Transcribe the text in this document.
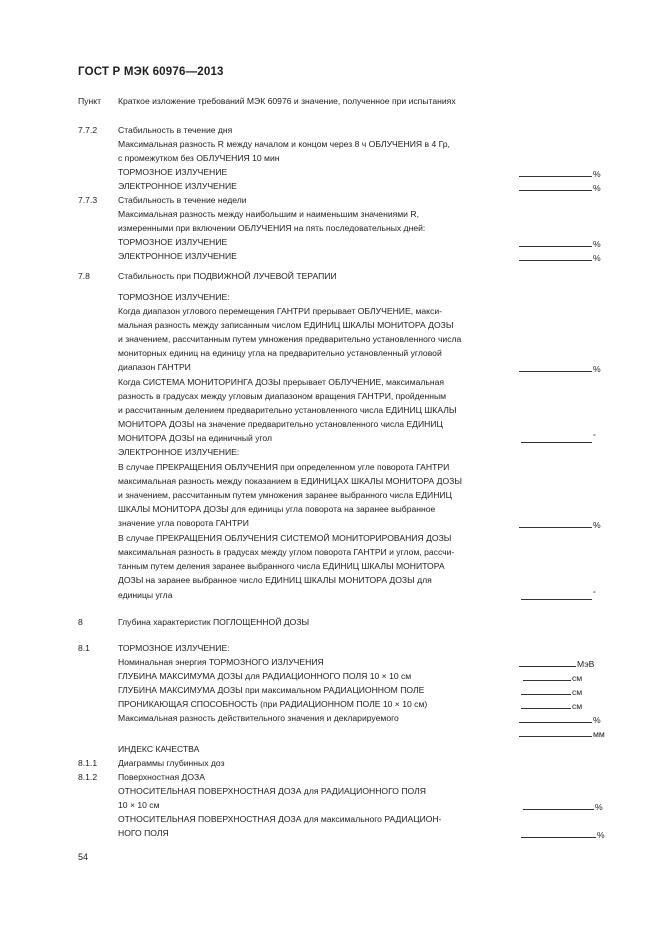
ГОСТ Р МЭК 60976—2013
Пункт Краткое изложение требований МЭК 60976 и значение, полученное при испытаниях
7.7.2 Стабильность в течение дня
Максимальная разность R между началом и концом через 8 ч ОБЛУЧЕНИЯ в 4 Гр,
с промежутком без ОБЛУЧЕНИЯ 10 мин
ТОРМОЗНОЕ ИЗЛУЧЕНИЕ	%
ЭЛЕКТРОННОЕ ИЗЛУЧЕНИЕ	%
7.7.3 Стабильность в течение недели
Максимальная разность между наибольшим и наименьшим значениями R,
измеренными при включении ОБЛУЧЕНИЯ на пять последовательных дней:
ТОРМОЗНОЕ ИЗЛУЧЕНИЕ	%
ЭЛЕКТРОННОЕ ИЗЛУЧЕНИЕ	%
7.8	Стабильность при ПОДВИЖНОЙ ЛУЧЕВОЙ ТЕРАПИИ
ТОРМОЗНОЕ ИЗЛУЧЕНИЕ:
Когда диапазон углового перемещения ГАНТРИ прерывает ОБЛУЧЕНИЕ, макси-
мальная разность между записанным числом ЕДИНИЦ ШКАЛЫ МОНИТОРА ДОЗЫ
и значением, рассчитанным путем умножения предварительно установленного числа
мониторных единиц на единицу угла на предварительно установленный угловой
диапазон ГАНТРИ	%
Когда СИСТЕМА МОНИТОРИНГА ДОЗЫ прерывает ОБЛУЧЕНИЕ, максимальная
разность в градусах между угловым диапазоном вращения ГАНТРИ, пройденным
и рассчитанным делением предварительно установленного числа ЕДИНИЦ ШКАЛЫ
МОНИТОРА ДОЗЫ на значение предварительно установленного числа ЕДИНИЦ
МОНИТОРА ДОЗЫ на единичный угол	°
ЭЛЕКТРОННОЕ ИЗЛУЧЕНИЕ:
В случае ПРЕКРАЩЕНИЯ ОБЛУЧЕНИЯ при определенном угле поворота ГАНТРИ
максимальная разность между показанием в ЕДИНИЦАХ ШКАЛЫ МОНИТОРА ДОЗЫ
и значением, рассчитанным путем умножения заранее выбранного числа ЕДИНИЦ
ШКАЛЫ МОНИТОРА ДОЗЫ для единицы угла поворота на заранее выбранное
значение угла поворота ГАНТРИ	%
В случае ПРЕКРАЩЕНИЯ ОБЛУЧЕНИЯ СИСТЕМОЙ МОНИТОРИРОВАНИЯ ДОЗЫ
максимальная разность в градусах между углом поворота ГАНТРИ и углом, рассчи-
танным путем деления заранее выбранного числа ЕДИНИЦ ШКАЛЫ МОНИТОРА
ДОЗЫ на заранее выбранное число ЕДИНИЦ ШКАЛЫ МОНИТОРА ДОЗЫ для
единицы угла	°
8	Глубина характеристик ПОГЛОЩЕННОЙ ДОЗЫ
8.1	ТОРМОЗНОЕ ИЗЛУЧЕНИЕ:
Номинальная энергия ТОРМОЗНОГО ИЗЛУЧЕНИЯ	МэВ
ГЛУБИНА МАКСИМУМА ДОЗЫ для РАДИАЦИОННОГО ПОЛЯ 10 × 10 см	см
ГЛУБИНА МАКСИМУМА ДОЗЫ при максимальном РАДИАЦИОННОМ ПОЛЕ	см
ПРОНИКАЮЩАЯ СПОСОБНОСТЬ (при РАДИАЦИОННОМ ПОЛЕ 10 × 10 см)	см
Максимальная разность действительного значения и декларируемого	%
мм
ИНДЕКС КАЧЕСТВА
8.1.1 Диаграммы глубинных доз
8.1.2 Поверхностная ДОЗА
ОТНОСИТЕЛЬНАЯ ПОВЕРХНОСТНАЯ ДОЗА для РАДИАЦИОННОГО ПОЛЯ
10 × 10 см	%
ОТНОСИТЕЛЬНАЯ ПОВЕРХНОСТНАЯ ДОЗА для максимального РАДИАЦИОН-
НОГО ПОЛЯ	%
54
